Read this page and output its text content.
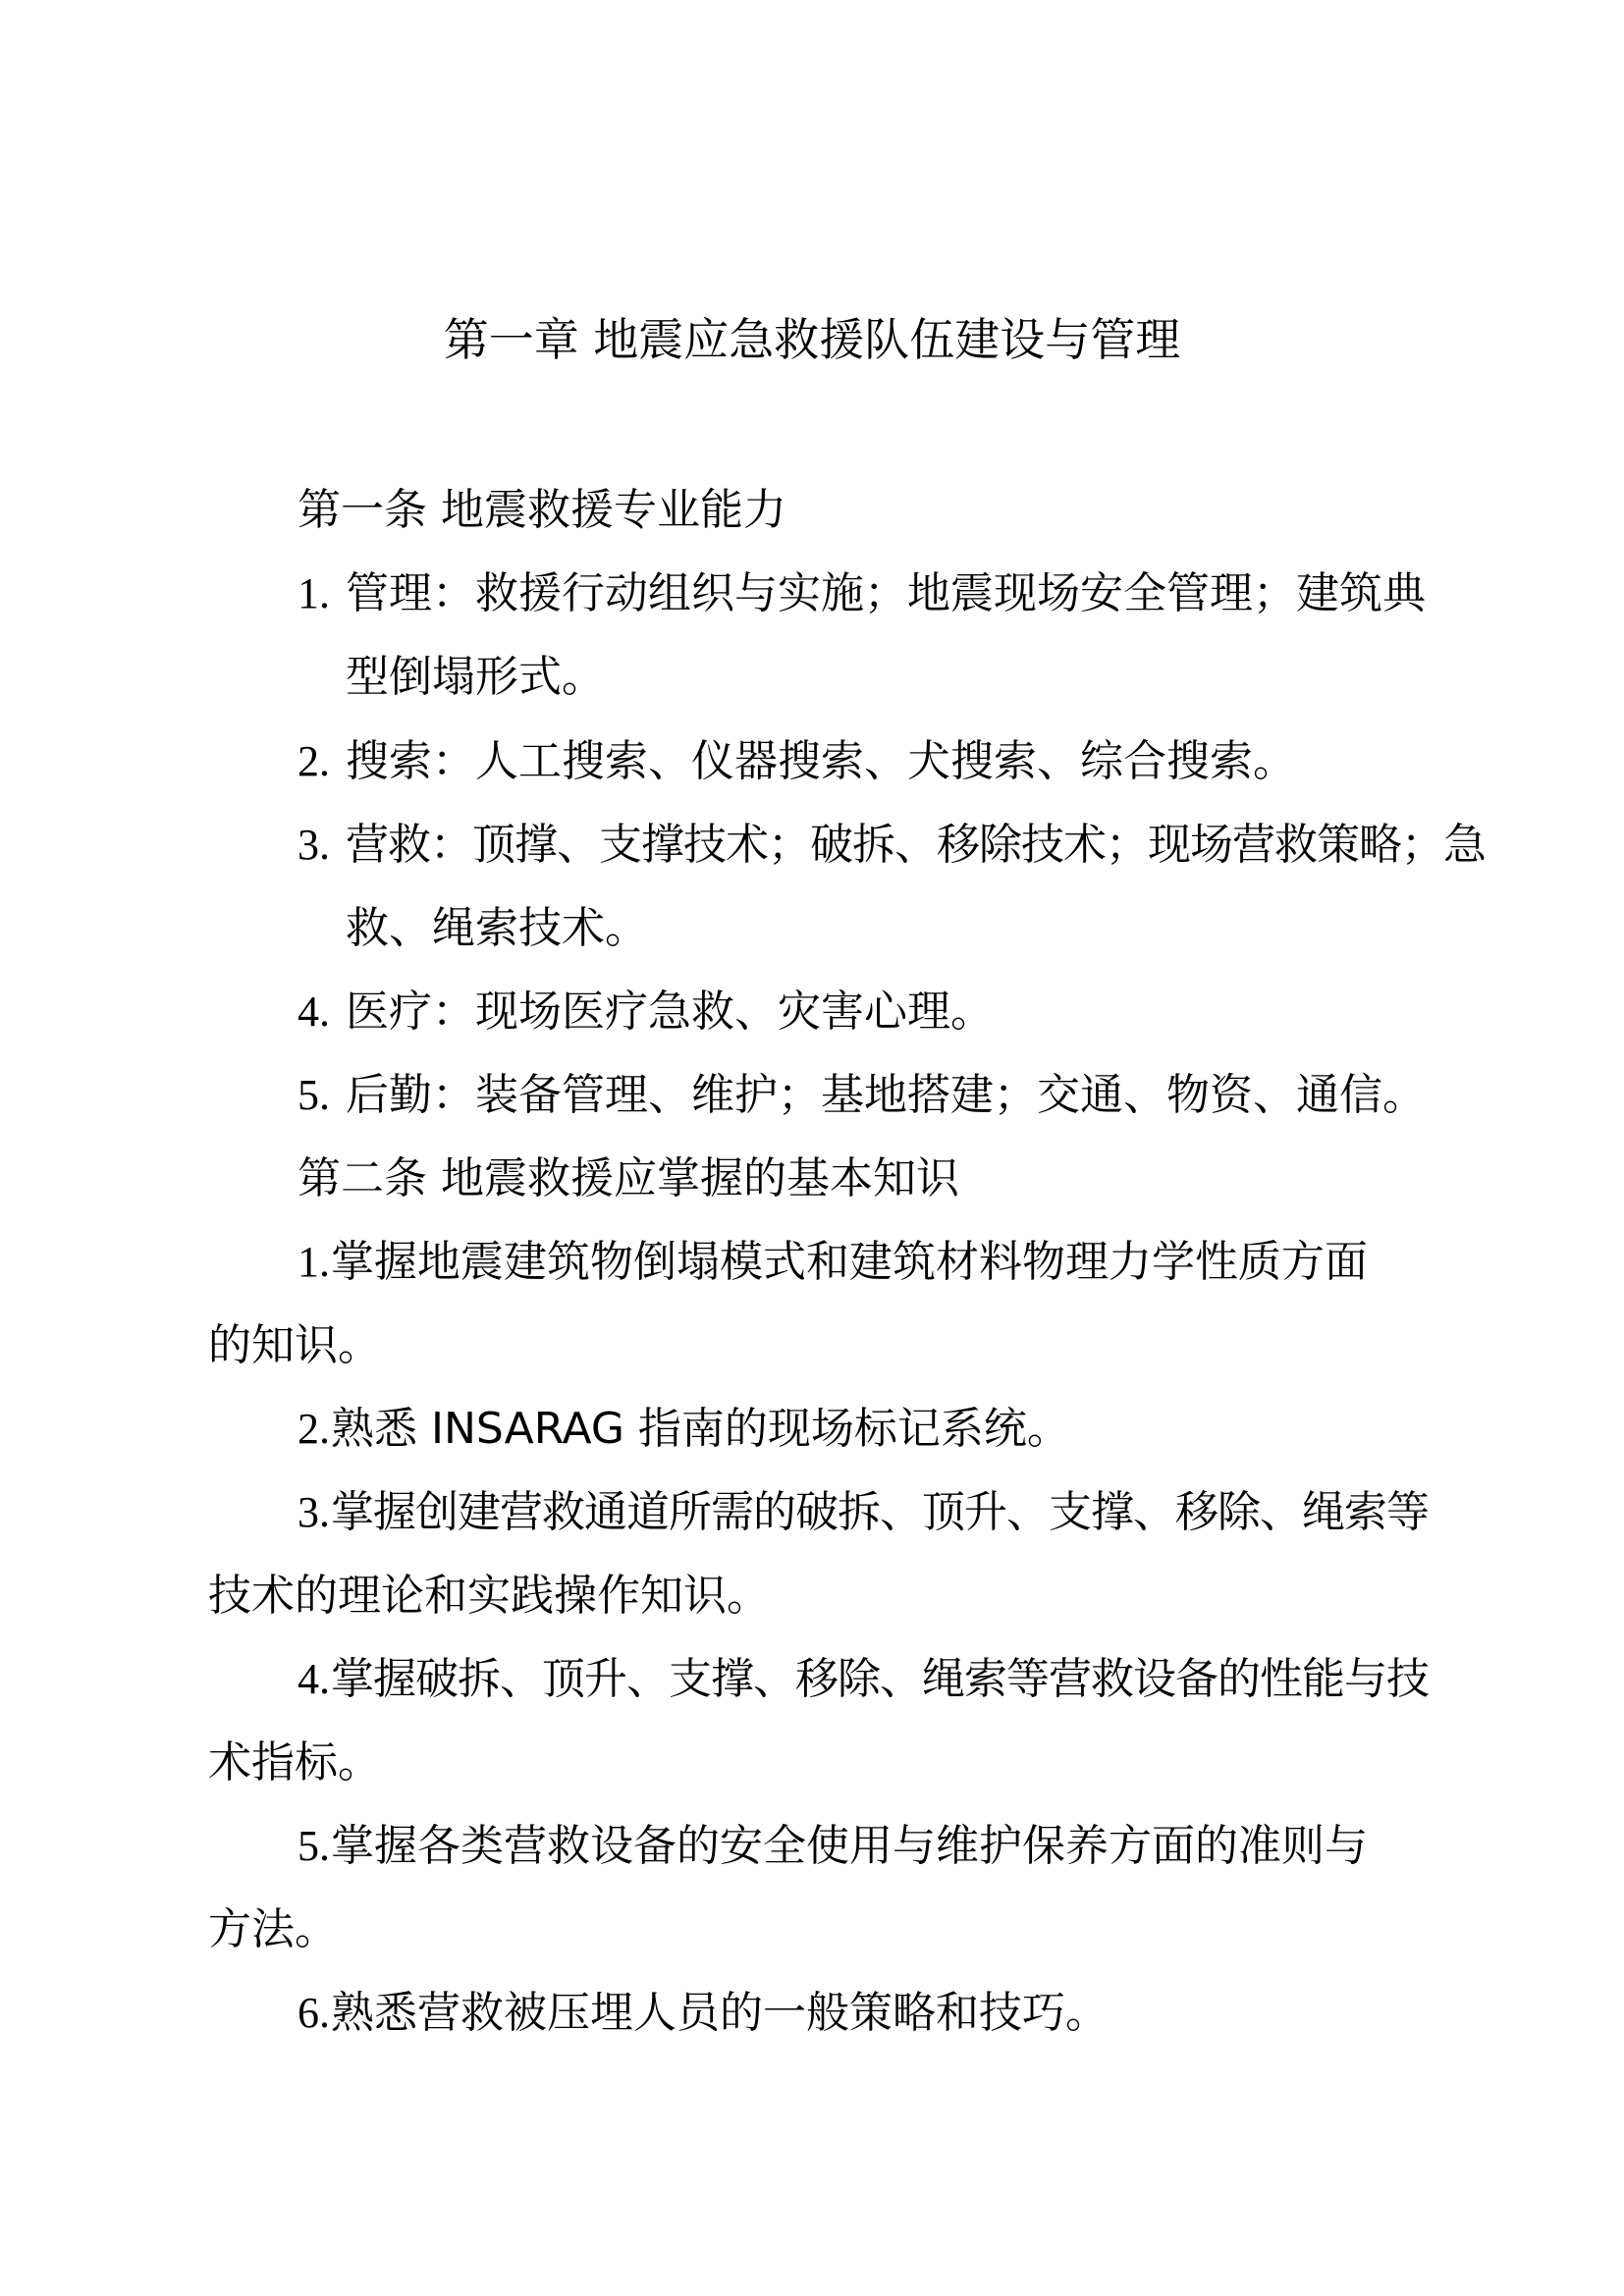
第一章 地震应急救援队伍建设与管理
第一条 地震救援专业能力
1. 管理：救援行动组织与实施；地震现场安全管理；建筑典
型倒塌形式。
2. 搜索：人工搜索、仪器搜索、犬搜索、综合搜索。
3. 营救：顶撑、支撑技术；破拆、移除技术；现场营救策略；急
救、绳索技术。
4. 医疗：现场医疗急救、灾害心理。
5. 后勤：装备管理、维护；基地搭建；交通、物资、通信。
第二条 地震救援应掌握的基本知识
1. 掌握地震建筑物倒塌模式和建筑材料物理力学性质方面
的知识。
2. 熟悉 INSARAG 指南的现场标记系统。
3. 掌握创建营救通道所需的破拆、顶升、支撑、移除、绳索等
技术的理论和实践操作知识。
4. 掌握破拆、顶升、支撑、移除、绳索等营救设备的性能与技
术指标。
5. 掌握各类营救设备的安全使用与维护保养方面的准则与
方法。
6. 熟悉营救被压埋人员的一般策略和技巧。
